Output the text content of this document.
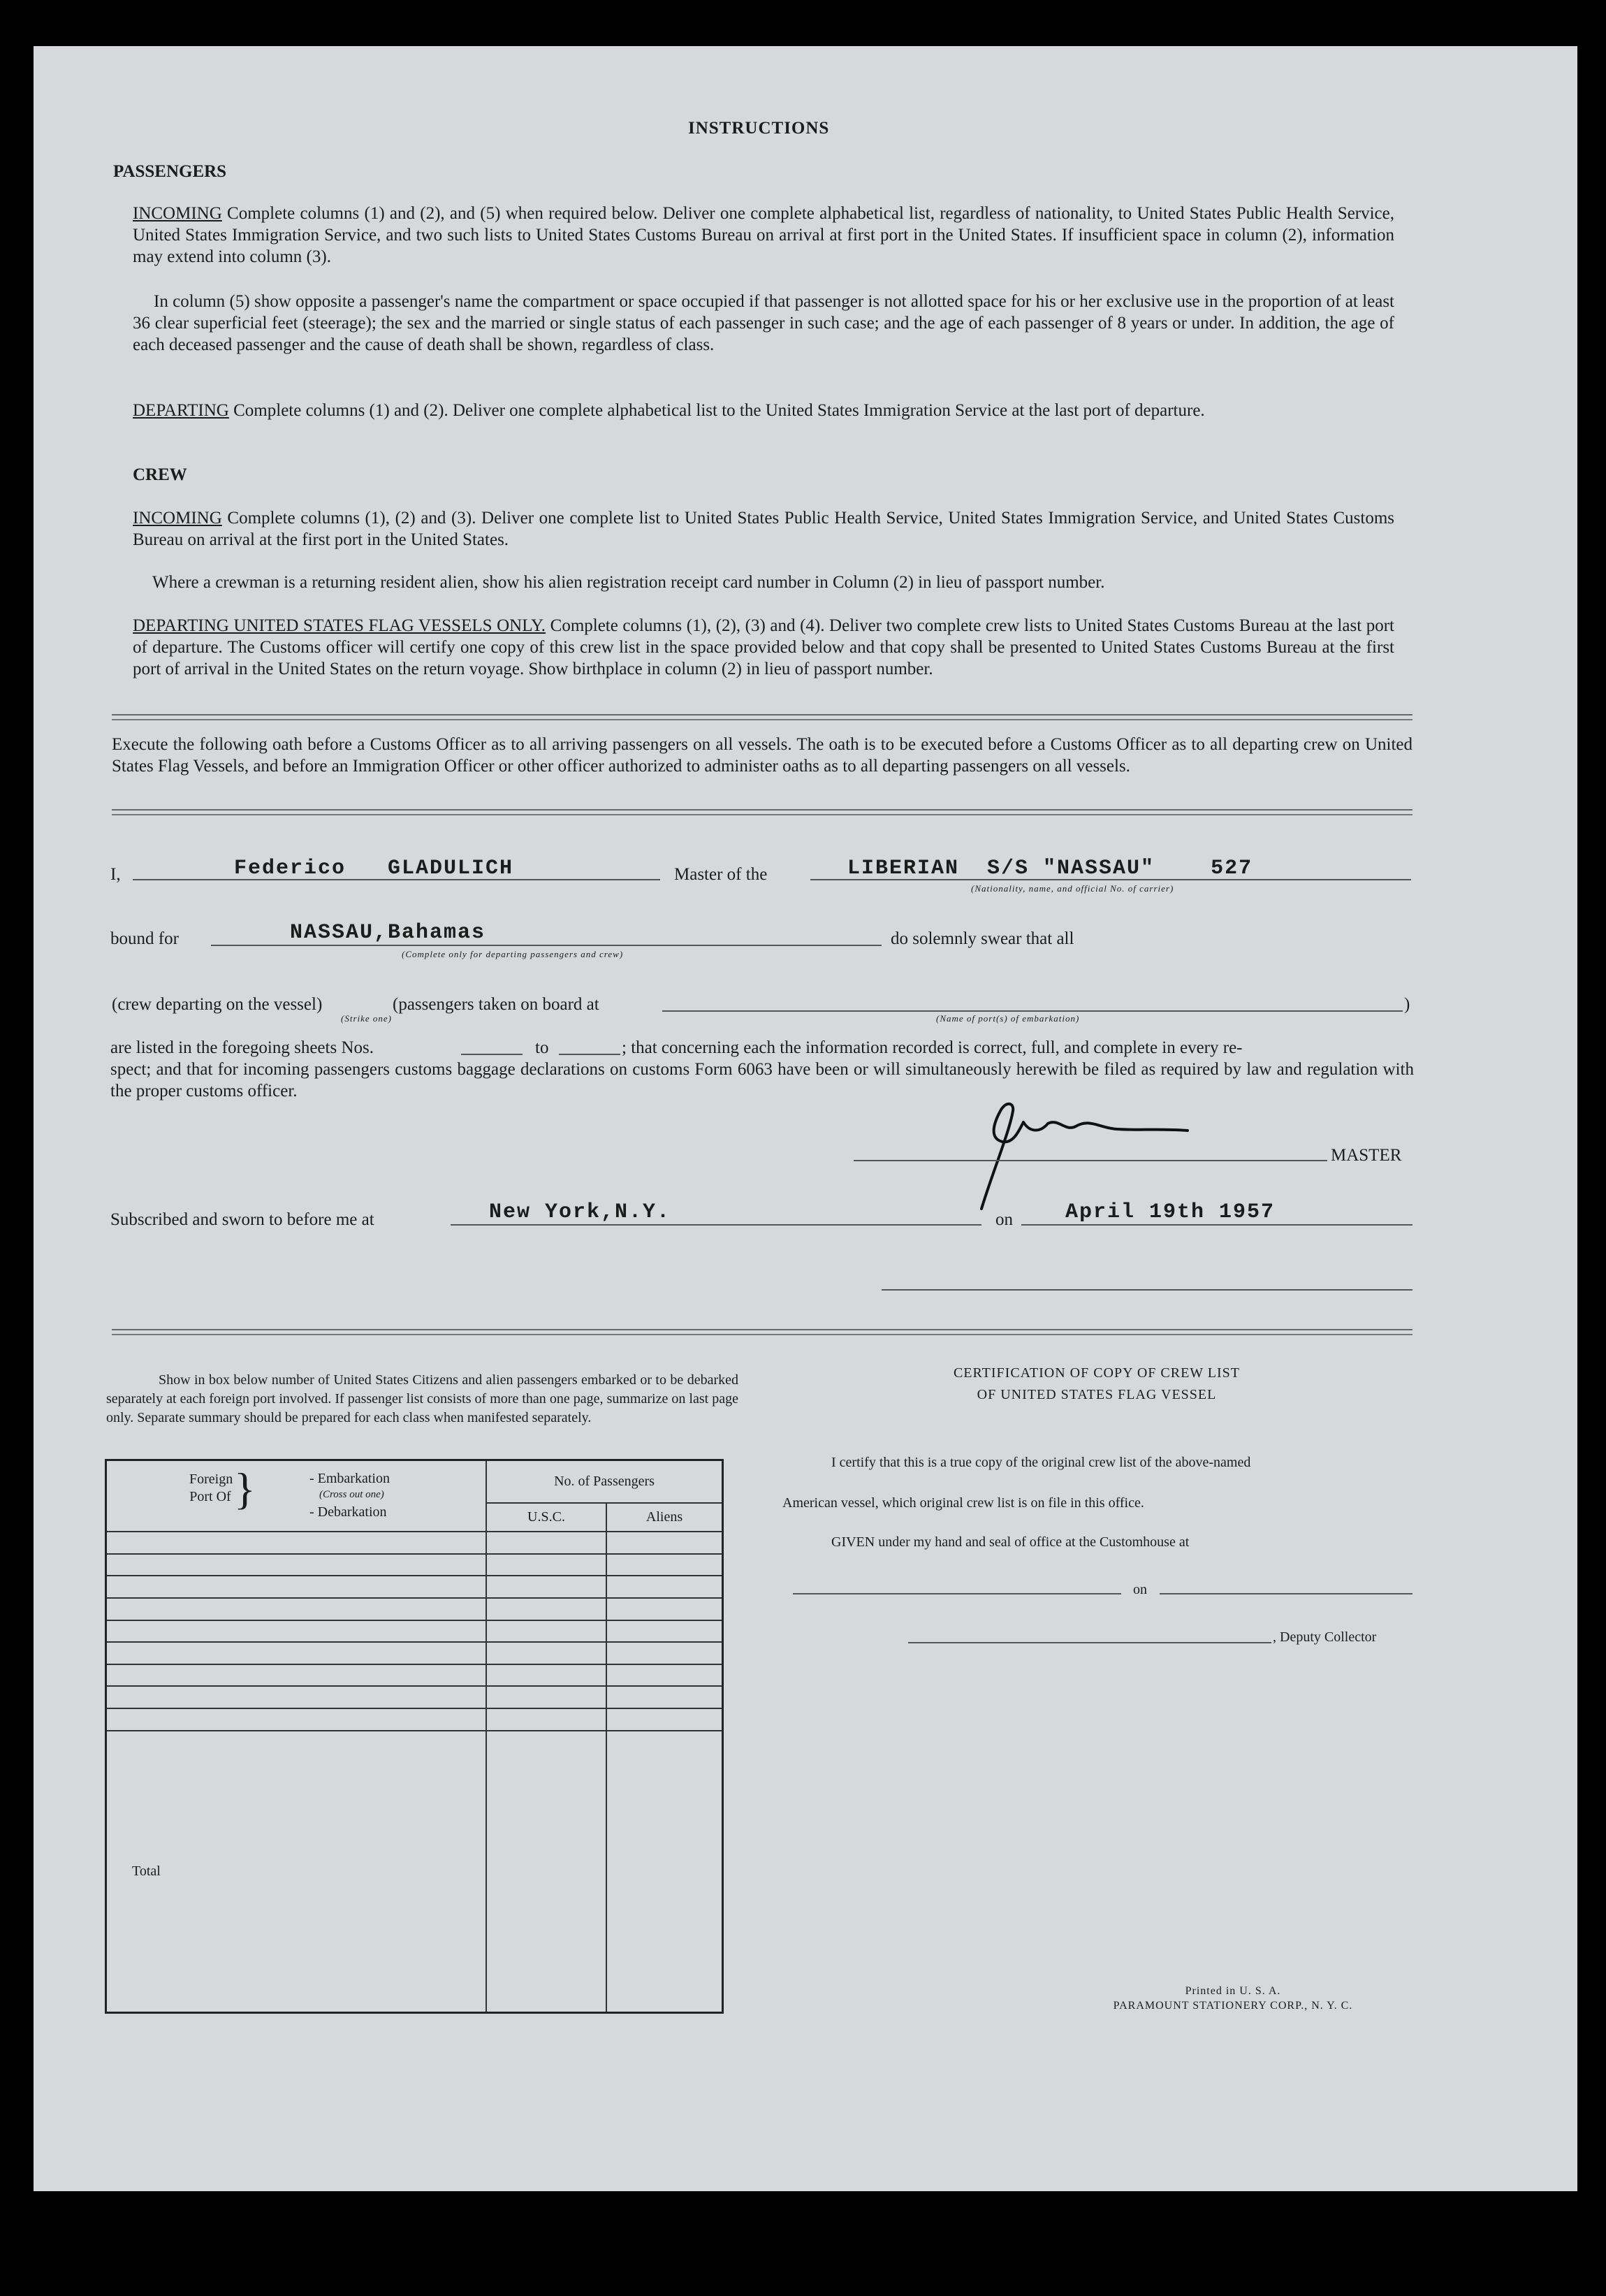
INSTRUCTIONS
PASSENGERS
INCOMING Complete columns (1) and (2), and (5) when required below. Deliver one complete alphabetical list, regardless of nationality, to United States Public Health Service, United States Immigration Service, and two such lists to United States Customs Bureau on arrival at first port in the United States. If insufficient space in column (2), information may extend into column (3).
In column (5) show opposite a passenger's name the compartment or space occupied if that passenger is not allotted space for his or her exclusive use in the proportion of at least 36 clear superficial feet (steerage); the sex and the married or single status of each passenger in such case; and the age of each passenger of 8 years or under. In addition, the age of each deceased passenger and the cause of death shall be shown, regardless of class.
DEPARTING Complete columns (1) and (2). Deliver one complete alphabetical list to the United States Immigration Service at the last port of departure.
CREW
INCOMING Complete columns (1), (2) and (3). Deliver one complete list to United States Public Health Service, United States Immigration Service, and United States Customs Bureau on arrival at the first port in the United States.
Where a crewman is a returning resident alien, show his alien registration receipt card number in Column (2) in lieu of passport number.
DEPARTING UNITED STATES FLAG VESSELS ONLY. Complete columns (1), (2), (3) and (4). Deliver two complete crew lists to United States Customs Bureau at the last port of departure. The Customs officer will certify one copy of this crew list in the space provided below and that copy shall be presented to United States Customs Bureau at the first port of arrival in the United States on the return voyage. Show birthplace in column (2) in lieu of passport number.
Execute the following oath before a Customs Officer as to all arriving passengers on all vessels. The oath is to be executed before a Customs Officer as to all departing crew on United States Flag Vessels, and before an Immigration Officer or other officer authorized to administer oaths as to all departing passengers on all vessels.
I,	Federico   GLADULICH	Master of the	LIBERIAN  S/S "NASSAU"    527
(Nationality, name, and official No. of carrier)
bound for	NASSAU,Bahamas
(Complete only for departing passengers and crew)
do solemnly swear that all
(crew departing on the vessel)
(Strike one)
(passengers taken on board at
(Name of port(s) of embarkation)
)
are listed in the foregoing sheets Nos.	to	; that concerning each the information recorded is correct, full, and complete in every re-
spect; and that for incoming passengers customs baggage declarations on customs Form 6063 have been or will simultaneously herewith be filed as required by law and regulation with the proper customs officer.
MASTER
Subscribed and sworn to before me at	New York,N.Y.	on	April 19th 1957
Show in box below number of United States Citizens and alien passengers embarked or to be debarked separately at each foreign port involved. If passenger list consists of more than one page, summarize on last page only. Separate summary should be prepared for each class when manifested separately.
Foreign Port Of } - Embarkation
(Cross out one)
- Debarkation	No. of Passengers	
	U.S.C.	Aliens

Total		
CERTIFICATION OF COPY OF CREW LIST
OF UNITED STATES FLAG VESSEL
I certify that this is a true copy of the original crew list of the above-named
American vessel, which original crew list is on file in this office.
GIVEN under my hand and seal of office at the Customhouse at
on
, Deputy Collector
Printed in U. S. A.
PARAMOUNT STATIONERY CORP., N. Y. C.
